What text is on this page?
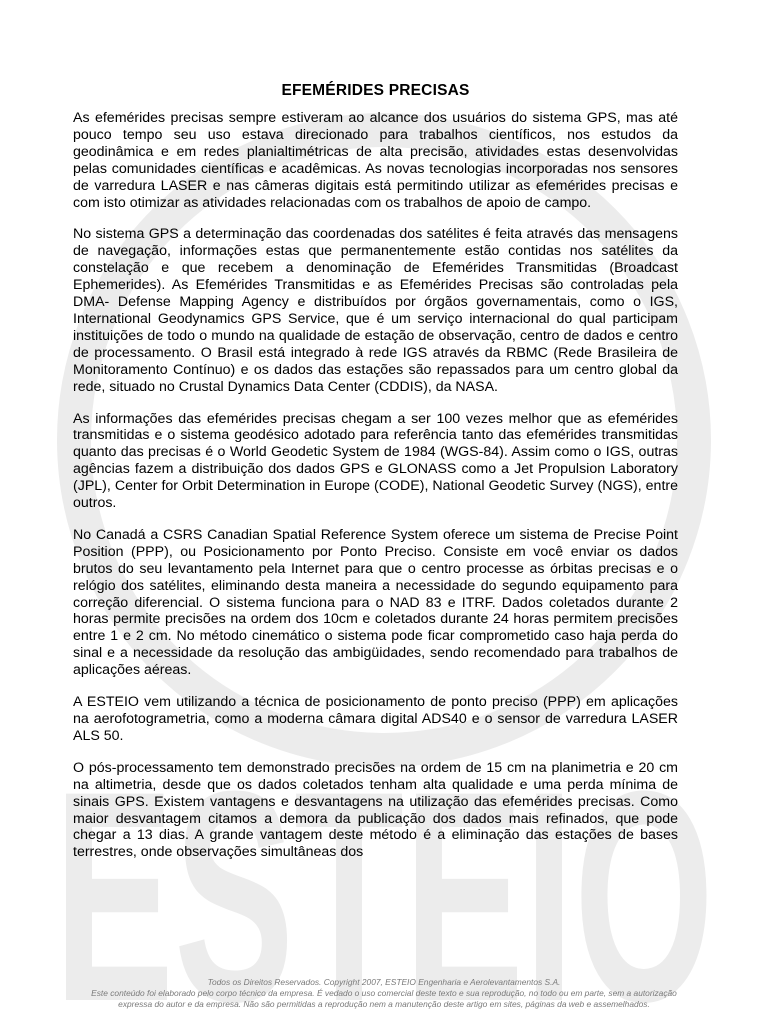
ESTEIO
EFEMÉRIDES PRECISAS

As efemérides precisas sempre estiveram ao alcance dos usuários do sistema GPS, mas até pouco tempo seu uso estava direcionado para trabalhos científicos, nos estudos da geodinâmica e em redes planialtimétricas de alta precisão, atividades estas desenvolvidas pelas comunidades científicas e acadêmicas. As novas tecnologias incorporadas nos sensores de varredura LASER e nas câmeras digitais está permitindo utilizar as efemérides precisas e com isto otimizar as atividades relacionadas com os trabalhos de apoio de campo.

No sistema GPS a determinação das coordenadas dos satélites é feita através das mensagens de navegação, informações estas que permanentemente estão contidas nos satélites da constelação e que recebem a denominação de Efemérides Transmitidas (Broadcast Ephemerides). As Efemérides Transmitidas e as Efemérides Precisas são controladas pela DMA- Defense Mapping Agency e distribuídos por órgãos governamentais, como o IGS, International Geodynamics GPS Service, que é um serviço internacional do qual participam instituições de todo o mundo na qualidade de estação de observação, centro de dados e centro de processamento. O Brasil está integrado à rede IGS através da RBMC (Rede Brasileira de Monitoramento Contínuo) e os dados das estações são repassados para um centro global da rede, situado no Crustal Dynamics Data Center (CDDIS), da NASA.

As informações das efemérides precisas chegam a ser 100 vezes melhor que as efemérides transmitidas e o sistema geodésico adotado para referência tanto das efemérides transmitidas quanto das precisas é o World Geodetic System de 1984 (WGS-84). Assim como o IGS, outras agências fazem a distribuição dos dados GPS e GLONASS como a Jet Propulsion Laboratory (JPL), Center for Orbit Determination in Europe (CODE), National Geodetic Survey (NGS), entre outros.

No Canadá a CSRS Canadian Spatial Reference System oferece um sistema de Precise Point Position (PPP), ou Posicionamento por Ponto Preciso. Consiste em você enviar os dados brutos do seu levantamento pela Internet para que o centro processe as órbitas precisas e o relógio dos satélites, eliminando desta maneira a necessidade do segundo equipamento para correção diferencial. O sistema funciona para o NAD 83 e ITRF. Dados coletados durante 2 horas permite precisões na ordem dos 10cm e coletados durante 24 horas permitem precisões entre 1 e 2 cm. No método cinemático o sistema pode ficar comprometido caso haja perda do sinal e a necessidade da resolução das ambigüidades, sendo recomendado para trabalhos de aplicações aéreas.

A ESTEIO vem utilizando a técnica de posicionamento de ponto preciso (PPP) em aplicações na aerofotogrametria, como a moderna câmara digital ADS40 e o sensor de varredura LASER ALS 50.

O pós-processamento tem demonstrado precisões na ordem de 15 cm na planimetria e 20 cm na altimetria, desde que os dados coletados tenham alta qualidade e uma perda mínima de sinais GPS. Existem vantagens e desvantagens na utilização das efemérides precisas. Como maior desvantagem citamos a demora da publicação dos dados mais refinados, que pode chegar a 13 dias. A grande vantagem deste método é a eliminação das estações de bases terrestres, onde observações simultâneas dos

Todos os Direitos Reservados. Copyright 2007, ESTEIO Engenharia e Aerolevantamentos S.A.
Este conteúdo foi elaborado pelo corpo técnico da empresa. É vedado o uso comercial deste texto e sua reprodução, no todo ou em parte, sem a autorização
expressa do autor e da empresa. Não são permitidas a reprodução nem a manutenção deste artigo em sites, páginas da web e assemelhados.
